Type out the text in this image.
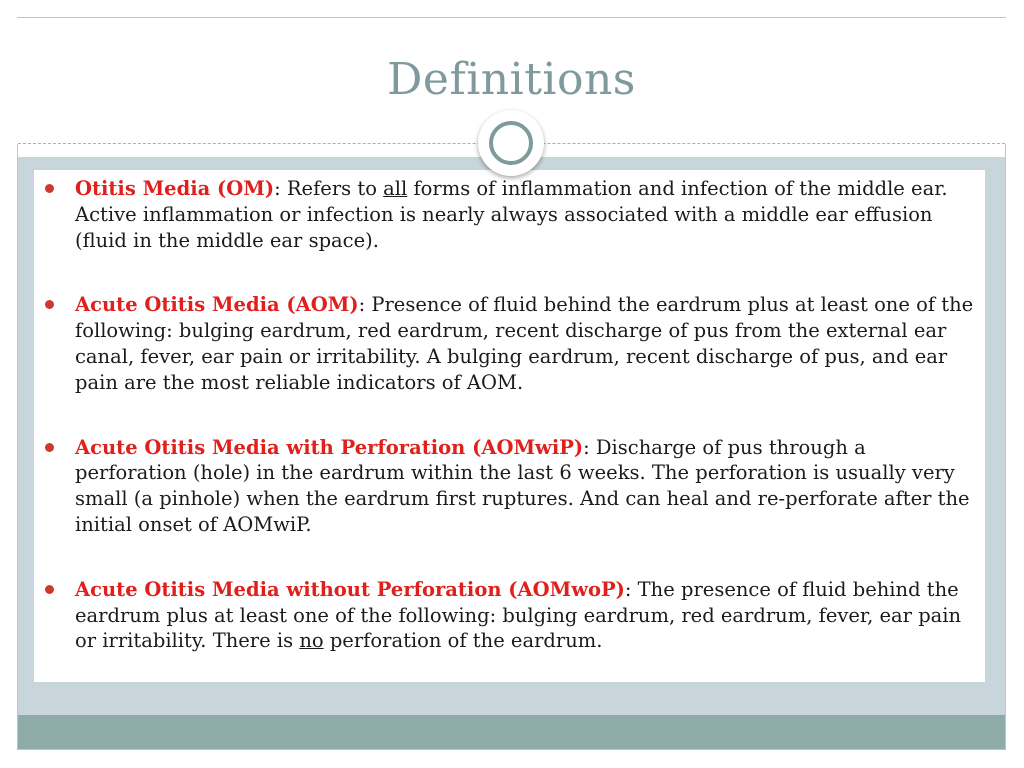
Definitions
Otitis Media (OM): Refers to all forms of inflammation and infection of the middle ear. Active inflammation or infection is nearly always associated with a middle ear effusion (fluid in the middle ear space).
Acute Otitis Media (AOM): Presence of fluid behind the eardrum plus at least one of the following: bulging eardrum, red eardrum, recent discharge of pus from the external ear canal, fever, ear pain or irritability. A bulging eardrum, recent discharge of pus, and ear pain are the most reliable indicators of AOM.
Acute Otitis Media with Perforation (AOMwiP): Discharge of pus through a perforation (hole) in the eardrum within the last 6 weeks. The perforation is usually very small (a pinhole) when the eardrum first ruptures. And can heal and re-perforate after the initial onset of AOMwiP.
Acute Otitis Media without Perforation (AOMwoP): The presence of fluid behind the eardrum plus at least one of the following: bulging eardrum, red eardrum, fever, ear pain or irritability. There is no perforation of the eardrum.
